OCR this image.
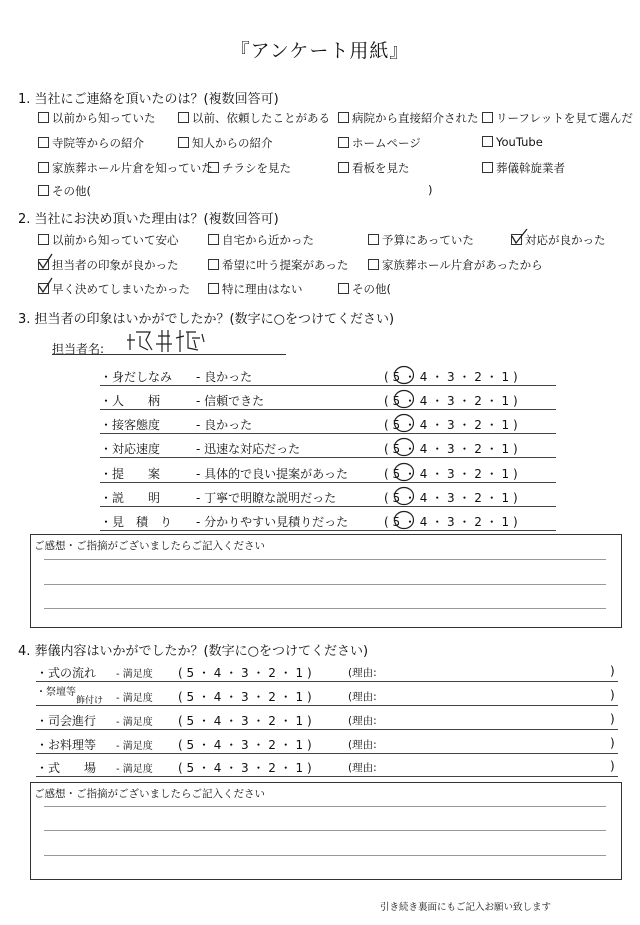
『アンケート用紙』
1. 当社にご連絡を頂いたのは？(複数回答可)
以前から知っていた	以前、依頼したことがある	病院から直接紹介された	リーフレットを見て選んだ
寺院等からの紹介	知人からの紹介	ホームページ	YouTube
家族葬ホール片倉を知っていた チラシを見た	看板を見た	葬儀斡旋業者
その他(	)
2. 当社にお決め頂いた理由は？(複数回答可)
以前から知っていて安心	自宅から近かった	予算にあっていた	対応が良かった
担当者の印象が良かった	希望に叶う提案があった	家族葬ホール片倉があったから
早く決めてしまいたかった	特に理由はない	その他(
3. 担当者の印象はいかがでしたか？(数字に○をつけてください)
担当者名:
・身だしなみ - 良かった	( 5 ・ 4 ・ 3 ・ 2 ・ 1 )
・人　　柄	- 信頼できた	( 5 ・ 4 ・ 3 ・ 2 ・ 1 )
・接客態度	- 良かった	( 5 ・ 4 ・ 3 ・ 2 ・ 1 )
・対応速度	- 迅速な対応だった	( 5 ・ 4 ・ 3 ・ 2 ・ 1 )
・提　　案	- 具体的で良い提案があった	( 5 ・ 4 ・ 3 ・ 2 ・ 1 )
・説　　明	- 丁寧で明瞭な説明だった	( 5 ・ 4 ・ 3 ・ 2 ・ 1 )
・見　積　り - 分かりやすい見積りだった	( 5 ・ 4 ・ 3 ・ 2 ・ 1 )
ご感想・ご指摘がございましたらご記入ください
4. 葬儀内容はいかがでしたか？(数字に○をつけてください)
・式の流れ - 満足度 ( 5 ・ 4 ・ 3 ・ 2 ・ 1 )	(理由:	)
$^{・祭壇等}_{飾付け}$ - 満足度 ( 5 ・ 4 ・ 3 ・ 2 ・ 1 )	(理由:	)
・司会進行 - 満足度 ( 5 ・ 4 ・ 3 ・ 2 ・ 1 )	(理由:	)
・お料理等 - 満足度 ( 5 ・ 4 ・ 3 ・ 2 ・ 1 )	(理由:	)
・式　　場 - 満足度 ( 5 ・ 4 ・ 3 ・ 2 ・ 1 )	(理由:	)
ご感想・ご指摘がございましたらご記入ください
引き続き裏面にもご記入お願い致します
